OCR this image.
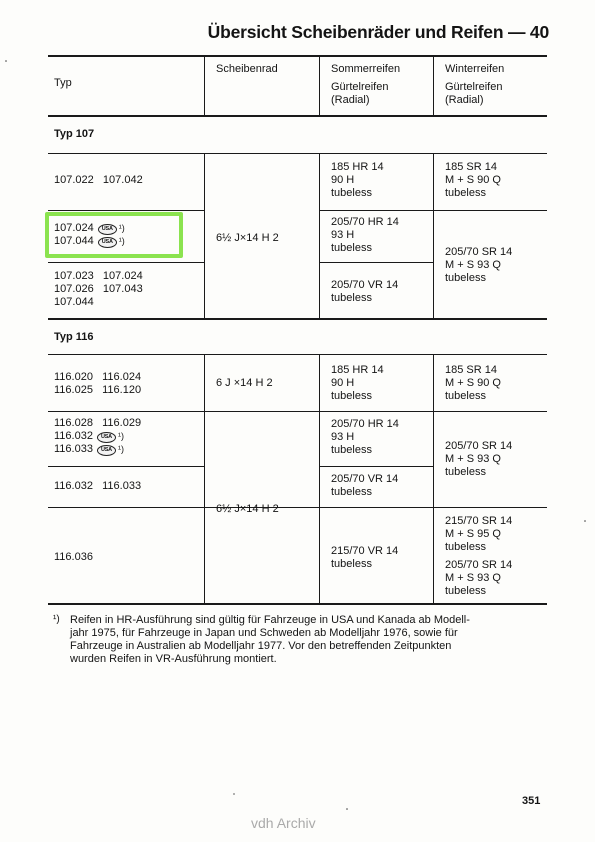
Übersicht Scheibenräder und Reifen — 40
Typ
Scheibenrad	Sommerreifen
Gürtelreifen
(Radial)
Winterreifen
Gürtelreifen
(Radial)
Typ 107
107.022   107.042
185 HR 14
90 H
tubeless
185 SR 14
M + S 90 Q
tubeless
107.024 USA ¹)
107.044 USA ¹)
205/70 HR 14
93 H
tubeless
6½ J×14 H 2
107.023   107.024
107.026   107.043
107.044
205/70 VR 14
tubeless
205/70 SR 14
M + S 93 Q
tubeless
Typ 116
116.020   116.024
116.025   116.120
6 J ×14 H 2
185 HR 14
90 H
tubeless
185 SR 14
M + S 90 Q
tubeless
116.028   116.029
116.032 USA ¹)
116.033 USA ¹)
205/70 HR 14
93 H
tubeless
116.032   116.033
205/70 VR 14
tubeless
205/70 SR 14
M + S 93 Q
tubeless
6½ J×14 H 2
116.036	215/70 VR 14
tubeless
215/70 SR 14
M + S 95 Q
tubeless
205/70 SR 14
M + S 93 Q
tubeless
¹) Reifen in HR-Ausführung sind gültig für Fahrzeuge in USA und Kanada ab Modell-
jahr 1975, für Fahrzeuge in Japan und Schweden ab Modelljahr 1976, sowie für
Fahrzeuge in Australien ab Modelljahr 1977. Vor den betreffenden Zeitpunkten
wurden Reifen in VR-Ausführung montiert.
351
vdh Archiv
